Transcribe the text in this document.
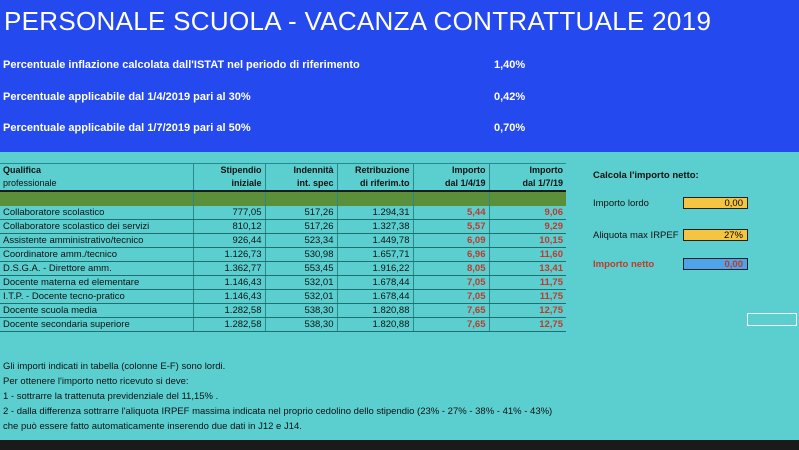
PERSONALE SCUOLA - VACANZA CONTRATTUALE 2019
Percentuale inflazione calcolata dall'ISTAT nel periodo di riferimento	1,40%
Percentuale applicabile dal 1/4/2019 pari al 30%	0,42%
Percentuale applicabile dal 1/7/2019 pari al 50%	0,70%
Qualifica	Stipendio	Indennità	Retribuzione	Importo	Importo
professionale	iniziale	int. spec	di riferim.to	dal 1/4/19	dal 1/7/19

Collaboratore scolastico	777,05	517,26	1.294,31	5,44	9,06
Collaboratore scolastico dei servizi	810,12	517,26	1.327,38	5,57	9,29
Assistente amministrativo/tecnico	926,44	523,34	1.449,78	6,09	10,15
Coordinatore amm./tecnico	1.126,73	530,98	1.657,71	6,96	11,60
D.S.G.A. - Direttore amm.	1.362,77	553,45	1.916,22	8,05	13,41
Docente materna ed elementare	1.146,43	532,01	1.678,44	7,05	11,75
I.T.P. - Docente tecno-pratico	1.146,43	532,01	1.678,44	7,05	11,75
Docente scuola media	1.282,58	538,30	1.820,88	7,65	12,75
Docente secondaria superiore	1.282,58	538,30	1.820,88	7,65	12,75
Calcola l'importo netto:
Importo lordo	0,00
Aliquota max IRPEF	27%
Importo netto	0,00
Gli importi indicati in tabella (colonne E-F) sono lordi.
Per ottenere l'importo netto ricevuto si deve:
1 - sottrarre la trattenuta previdenziale del 11,15% .
2 - dalla differenza sottrarre l'aliquota IRPEF massima indicata nel proprio cedolino dello stipendio (23% - 27% - 38% - 41% - 43%)
che può essere fatto automaticamente inserendo due dati in J12 e J14.
